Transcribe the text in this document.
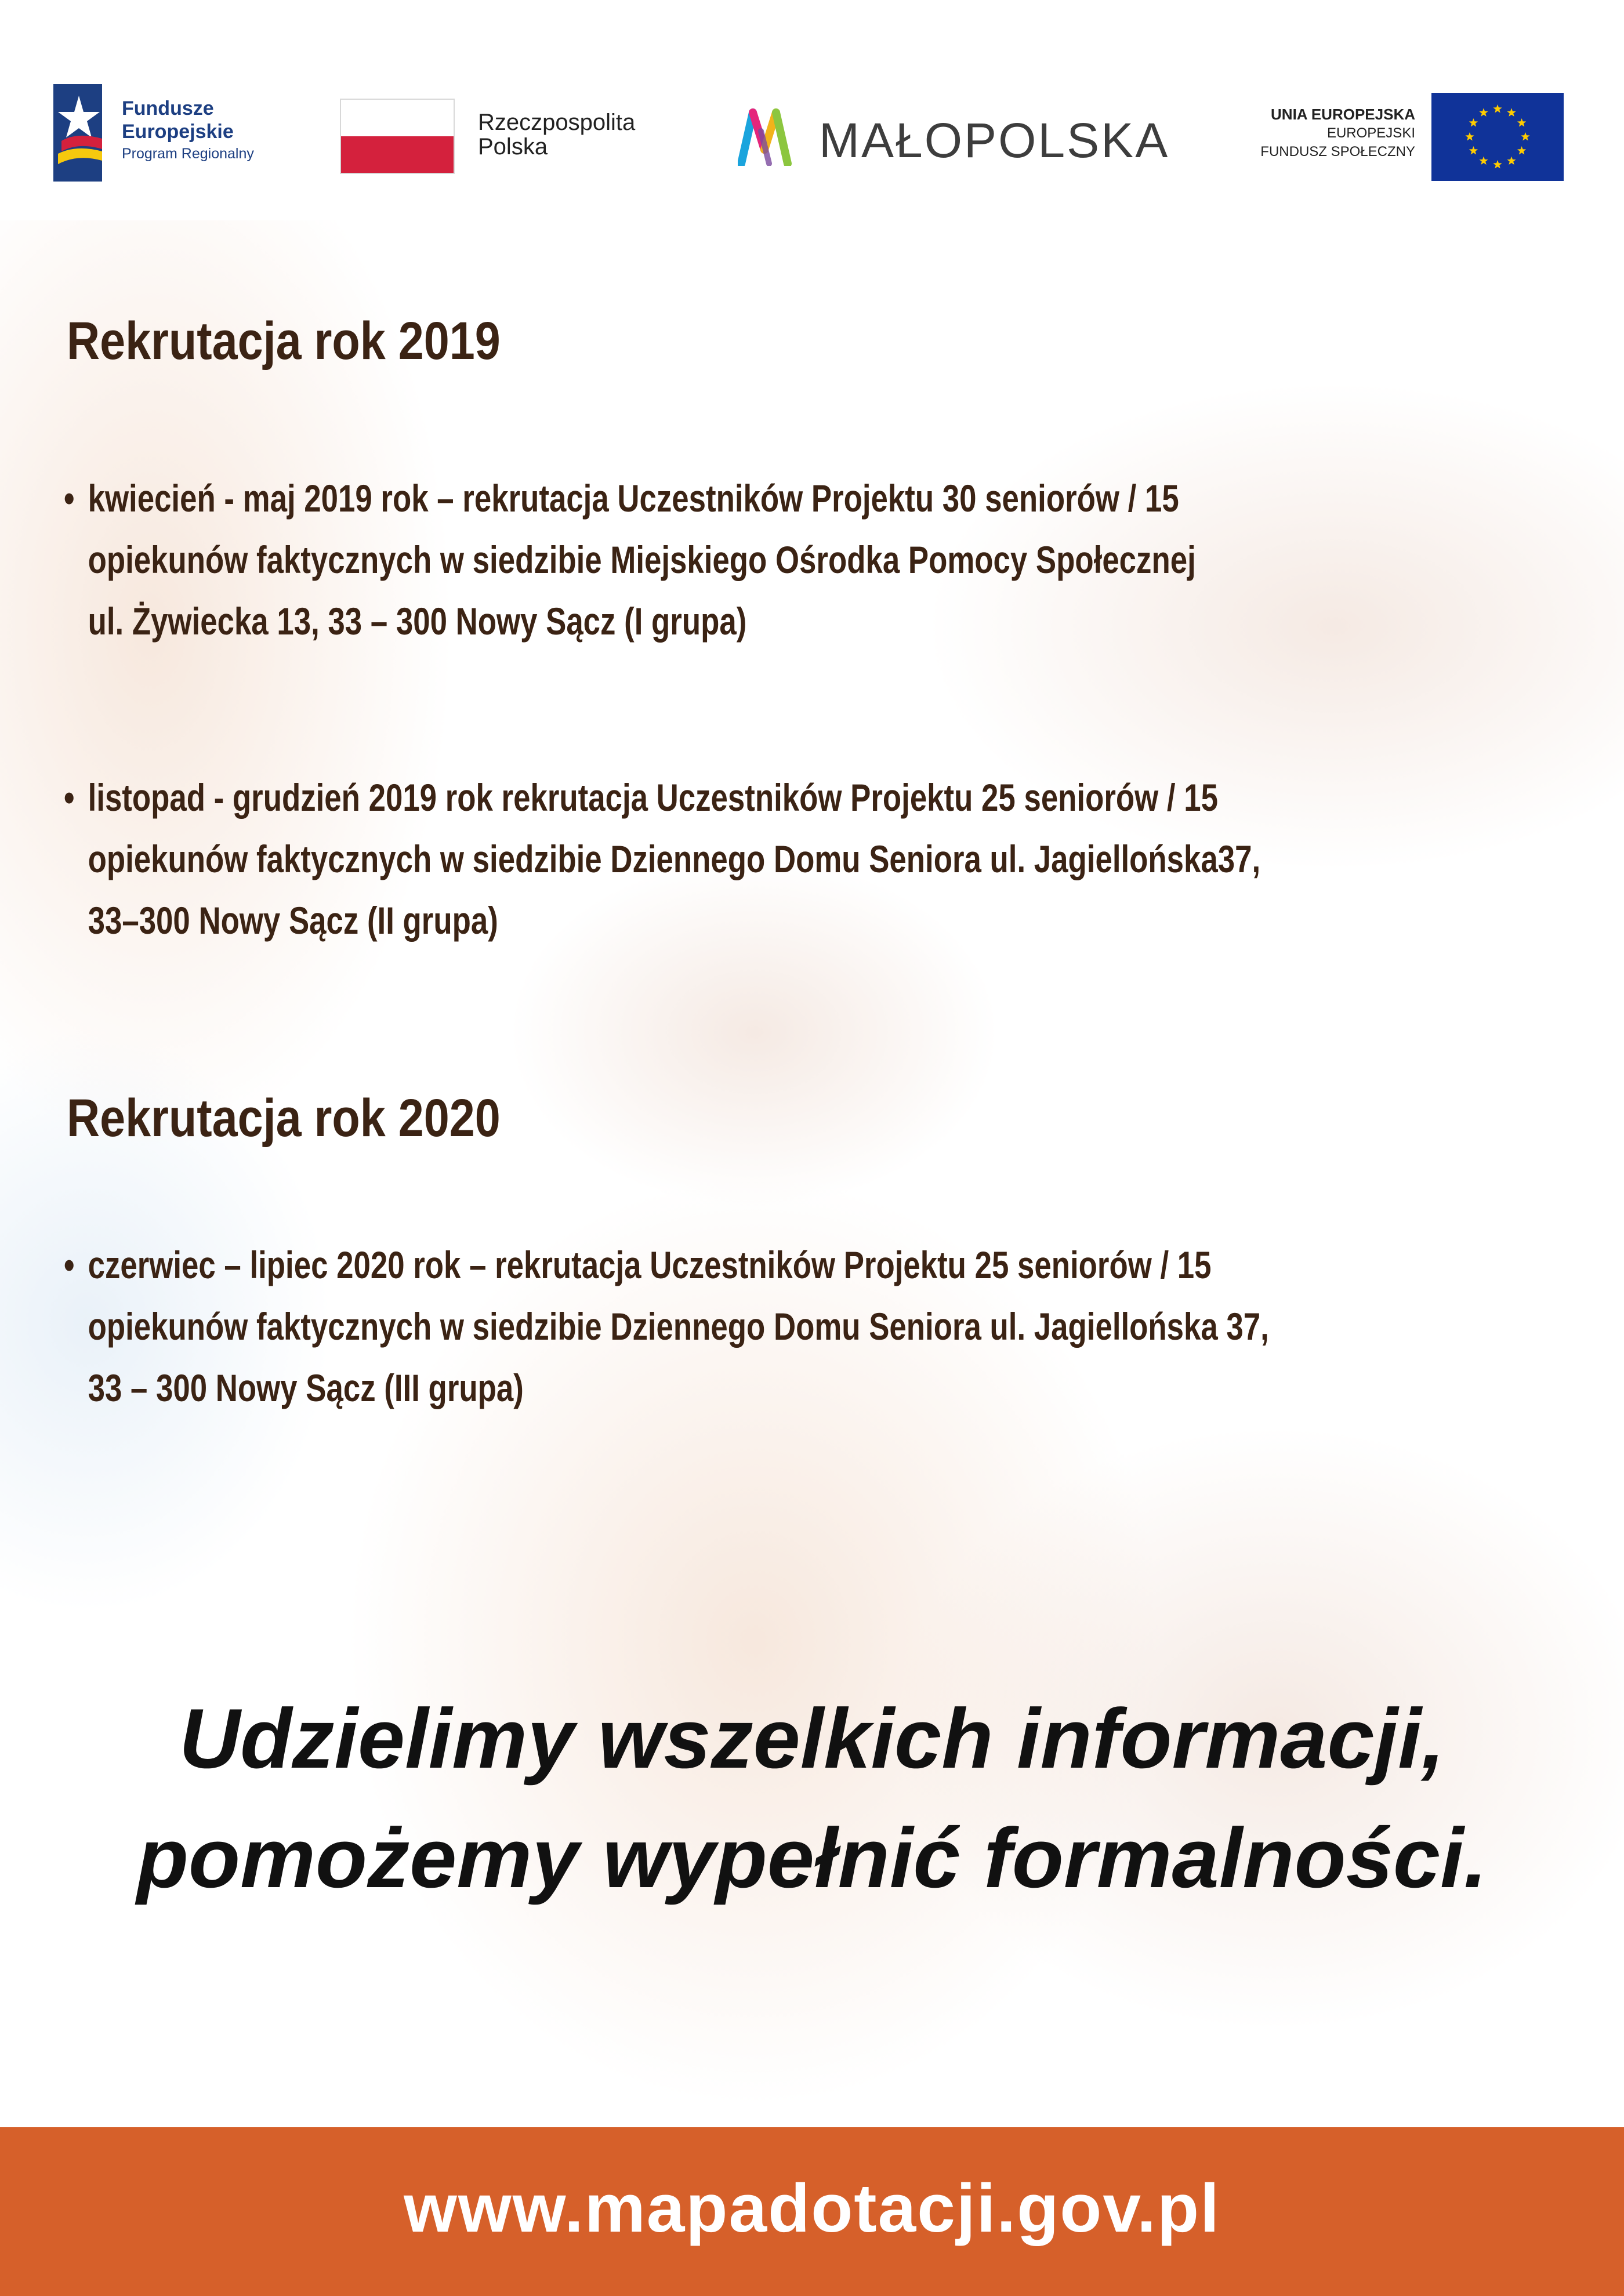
Fundusze
Europejskie
Program Regionalny
Rzeczpospolita
Polska	MAŁOPOLSKA	UNIA EUROPEJSKA
EUROPEJSKI
FUNDUSZ SPOŁECZNY
Rekrutacja rok 2019
• kwiecień - maj 2019 rok – rekrutacja Uczestników Projektu 30 seniorów / 15
opiekunów faktycznych w siedzibie Miejskiego Ośrodka Pomocy Społecznej
ul. Żywiecka 13, 33 – 300 Nowy Sącz (I grupa)
• listopad - grudzień 2019 rok rekrutacja Uczestników Projektu 25 seniorów / 15
opiekunów faktycznych w siedzibie Dziennego Domu Seniora ul. Jagiellońska37,
33–300 Nowy Sącz (II grupa)
Rekrutacja rok 2020
• czerwiec – lipiec 2020 rok – rekrutacja Uczestników Projektu 25 seniorów / 15
opiekunów faktycznych w siedzibie Dziennego Domu Seniora ul. Jagiellońska 37,
33 – 300 Nowy Sącz (III grupa)
Udzielimy wszelkich informacji,
pomożemy wypełnić formalności.
www.mapadotacji.gov.pl
